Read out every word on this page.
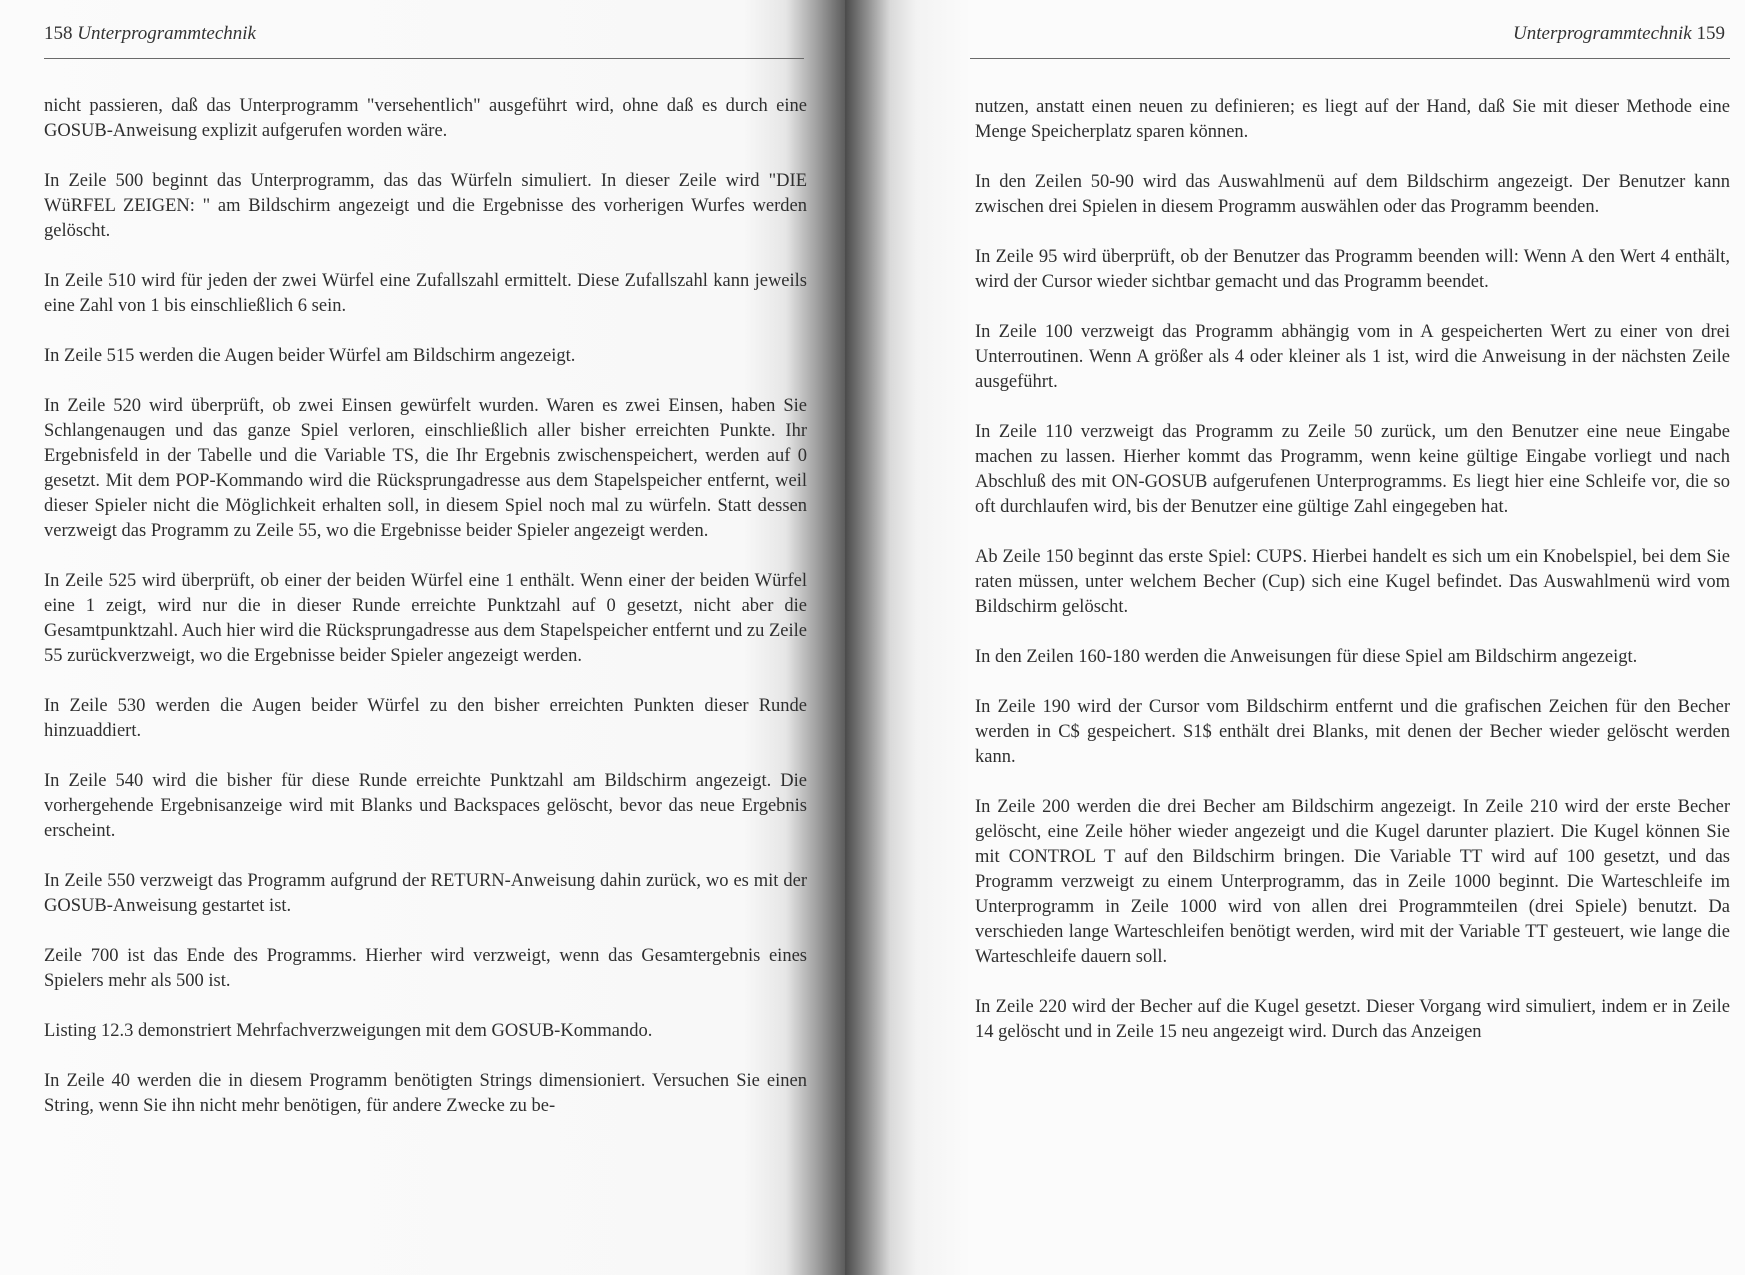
158 Unterprogrammtechnik

nicht passieren, daß das Unterprogramm "versehentlich" ausgeführt wird, ohne daß es durch eine GOSUB-Anweisung explizit aufgerufen worden wäre.

In Zeile 500 beginnt das Unterprogramm, das das Würfeln simuliert. In dieser Zeile wird "DIE WüRFEL ZEIGEN: " am Bildschirm angezeigt und die Ergebnisse des vorherigen Wurfes werden gelöscht.

In Zeile 510 wird für jeden der zwei Würfel eine Zufallszahl ermittelt. Diese Zufallszahl kann jeweils eine Zahl von 1 bis einschließlich 6 sein.

In Zeile 515 werden die Augen beider Würfel am Bildschirm angezeigt.

In Zeile 520 wird überprüft, ob zwei Einsen gewürfelt wurden. Waren es zwei Einsen, haben Sie Schlangenaugen und das ganze Spiel verloren, einschließlich aller bisher erreichten Punkte. Ihr Ergebnisfeld in der Tabelle und die Variable TS, die Ihr Ergebnis zwischenspeichert, werden auf 0 gesetzt. Mit dem POP-Kommando wird die Rücksprungadresse aus dem Stapelspeicher entfernt, weil dieser Spieler nicht die Möglichkeit erhalten soll, in diesem Spiel noch mal zu würfeln. Statt dessen verzweigt das Programm zu Zeile 55, wo die Ergebnisse beider Spieler angezeigt werden.

In Zeile 525 wird überprüft, ob einer der beiden Würfel eine 1 enthält. Wenn einer der beiden Würfel eine 1 zeigt, wird nur die in dieser Runde erreichte Punktzahl auf 0 gesetzt, nicht aber die Gesamtpunktzahl. Auch hier wird die Rücksprungadresse aus dem Stapelspeicher entfernt und zu Zeile 55 zurückverzweigt, wo die Ergebnisse beider Spieler angezeigt werden.

In Zeile 530 werden die Augen beider Würfel zu den bisher erreichten Punkten dieser Runde hinzuaddiert.

In Zeile 540 wird die bisher für diese Runde erreichte Punktzahl am Bildschirm angezeigt. Die vorhergehende Ergebnisanzeige wird mit Blanks und Backspaces gelöscht, bevor das neue Ergebnis erscheint.

In Zeile 550 verzweigt das Programm aufgrund der RETURN-Anweisung dahin zurück, wo es mit der GOSUB-Anweisung gestartet ist.

Zeile 700 ist das Ende des Programms. Hierher wird verzweigt, wenn das Gesamtergebnis eines Spielers mehr als 500 ist.

Listing 12.3 demonstriert Mehrfachverzweigungen mit dem GOSUB-Kommando.

In Zeile 40 werden die in diesem Programm benötigten Strings dimensioniert. Versuchen Sie einen String, wenn Sie ihn nicht mehr benötigen, für andere Zwecke zu be-

Unterprogrammtechnik 159

nutzen, anstatt einen neuen zu definieren; es liegt auf der Hand, daß Sie mit dieser Methode eine Menge Speicherplatz sparen können.

In den Zeilen 50-90 wird das Auswahlmenü auf dem Bildschirm angezeigt. Der Benutzer kann zwischen drei Spielen in diesem Programm auswählen oder das Programm beenden.

In Zeile 95 wird überprüft, ob der Benutzer das Programm beenden will: Wenn A den Wert 4 enthält, wird der Cursor wieder sichtbar gemacht und das Programm beendet.

In Zeile 100 verzweigt das Programm abhängig vom in A gespeicherten Wert zu einer von drei Unterroutinen. Wenn A größer als 4 oder kleiner als 1 ist, wird die Anweisung in der nächsten Zeile ausgeführt.

In Zeile 110 verzweigt das Programm zu Zeile 50 zurück, um den Benutzer eine neue Eingabe machen zu lassen. Hierher kommt das Programm, wenn keine gültige Eingabe vorliegt und nach Abschluß des mit ON-GOSUB aufgerufenen Unterprogramms. Es liegt hier eine Schleife vor, die so oft durchlaufen wird, bis der Benutzer eine gültige Zahl eingegeben hat.

Ab Zeile 150 beginnt das erste Spiel: CUPS. Hierbei handelt es sich um ein Knobelspiel, bei dem Sie raten müssen, unter welchem Becher (Cup) sich eine Kugel befindet. Das Auswahlmenü wird vom Bildschirm gelöscht.

In den Zeilen 160-180 werden die Anweisungen für diese Spiel am Bildschirm angezeigt.

In Zeile 190 wird der Cursor vom Bildschirm entfernt und die grafischen Zeichen für den Becher werden in C$ gespeichert. S1$ enthält drei Blanks, mit denen der Becher wieder gelöscht werden kann.

In Zeile 200 werden die drei Becher am Bildschirm angezeigt. In Zeile 210 wird der erste Becher gelöscht, eine Zeile höher wieder angezeigt und die Kugel darunter plaziert. Die Kugel können Sie mit CONTROL T auf den Bildschirm bringen. Die Variable TT wird auf 100 gesetzt, und das Programm verzweigt zu einem Unterprogramm, das in Zeile 1000 beginnt. Die Warteschleife im Unterprogramm in Zeile 1000 wird von allen drei Programmteilen (drei Spiele) benutzt. Da verschieden lange Warteschleifen benötigt werden, wird mit der Variable TT gesteuert, wie lange die Warteschleife dauern soll.

In Zeile 220 wird der Becher auf die Kugel gesetzt. Dieser Vorgang wird simuliert, indem er in Zeile 14 gelöscht und in Zeile 15 neu angezeigt wird. Durch das Anzeigen
